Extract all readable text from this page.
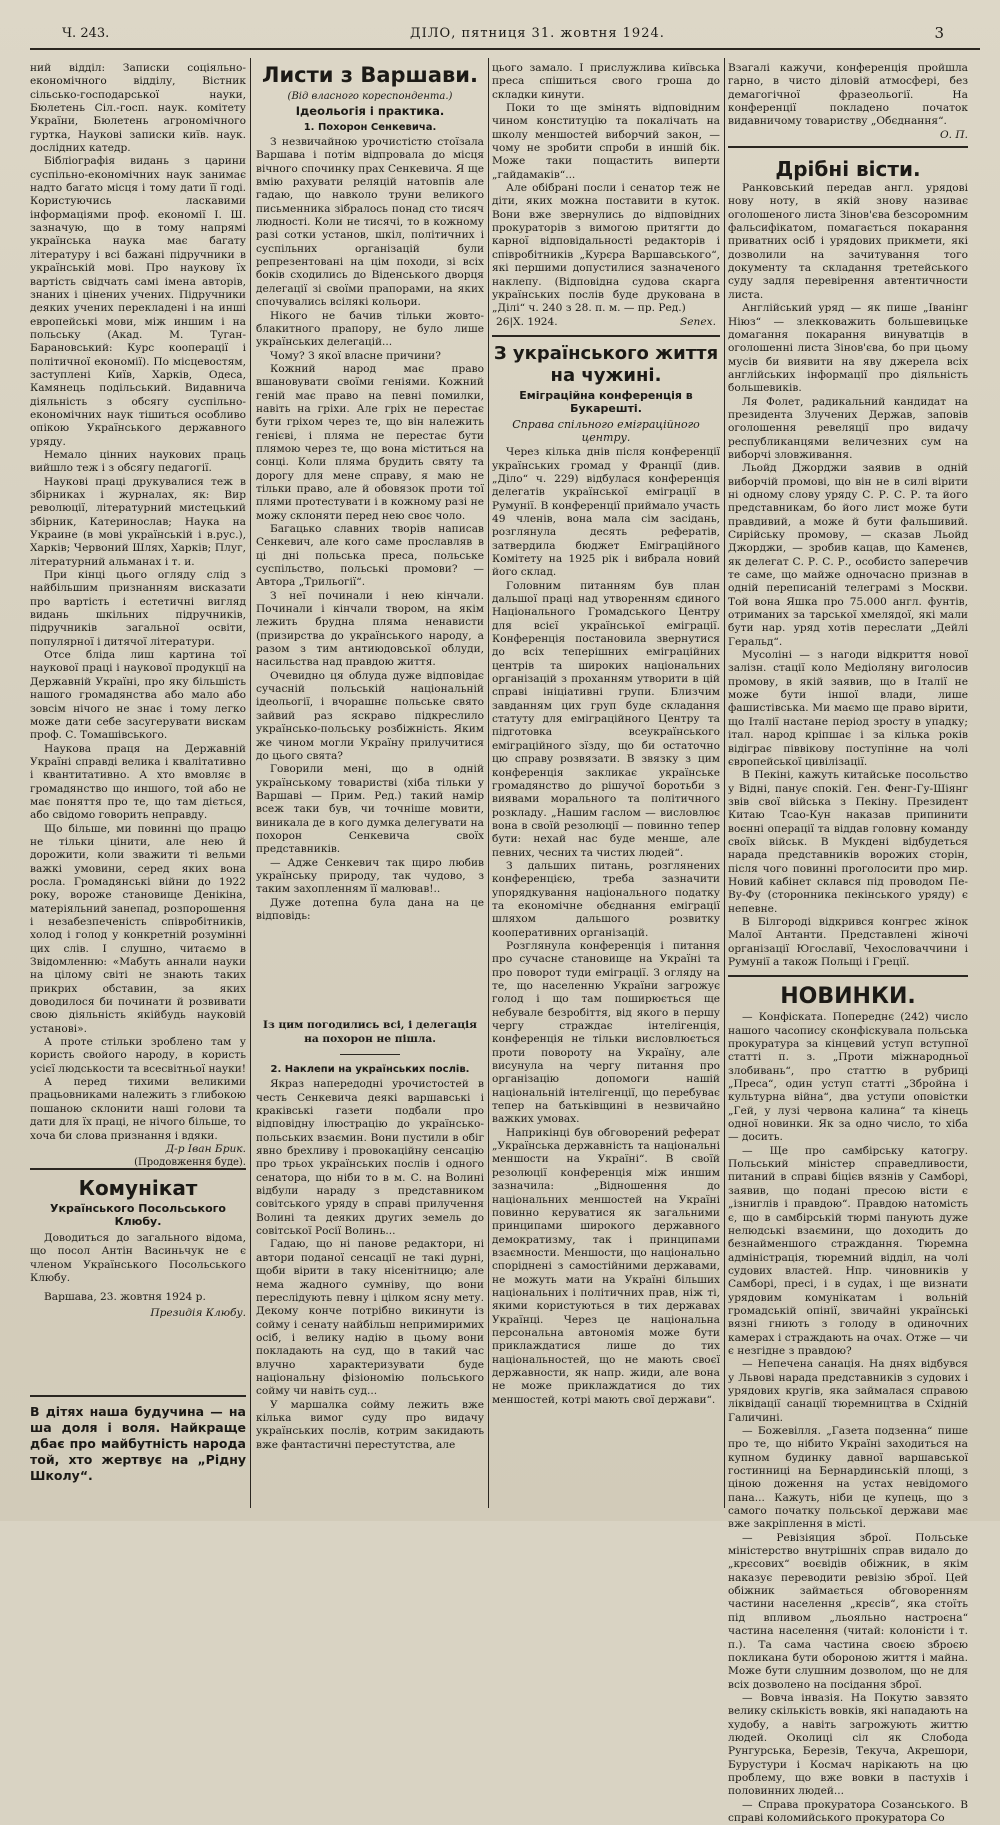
Ч. 243.	ДІЛО, пятниця 31. жовтня 1924.	3

ний відділ: Записки соціяльно-економічного відділу, Вістник сільсько-господарської науки, Бюлетень Сіл.-госп. наук. комітету України, Бюлетень агрономічного гуртка, Наукові записки київ. наук. дослідних катедр.

Бібліографія видань з царини суспільно-економічних наук занимає надто багато місця і тому дати її годі. Користуючись ласкавими інформаціями проф. економії І. Ш. зазначую, що в тому напрямі українська наука має багату літературу і всі бажані підручники в українській мові. Про наукову їх вартість свідчать самі імена авторів, знаних і цінених учених. Підручники деяких учених перекладені і на инші европейські мови, між иншим і на польську (Акад. М. Туган-Барановський: Курс кооперації і політичної економії). По місцевостям, заступлені Київ, Харків, Одеса, Камянець подільський. Видавнича діяльність з обсягу суспільно-економічних наук тішиться особливо опікою Українського державного уряду.

Немало цінних наукових праць вийшло теж і з обсягу педагогії.

Наукові праці друкувалися теж в збірниках і журналах, як: Вир революції, літературний мистецький збірник, Катеринослав; Наука на Украине (в мові українській і в.рус.), Харків; Червоний Шлях, Харків; Плуг, літературний альманах і т. и.

При кінці цього огляду слід з найбільшим признанням висказати про вартість і естетичні вигляд видань шкільних підручників, підручників загальної освіти, популярної і дитячої літератури.

Отсе бліда лиш картина тої наукової праці і наукової продукції на Державній Україні, про яку більшість нашого громадянства або мало або зовсім нічого не знає і тому легко може дати себе засугерувати вискам проф. С. Томашівського.

Наукова праця на Державній Україні справді велика і квалітативно і квантитативно. А хто вмовляє в громадянство що иншого, той або не має поняття про те, що там діється, або свідомо говорить неправду.

Що більше, ми повинні що працю не тільки цінити, але нею й дорожити, коли зважити ті вельми важкі умовини, серед яких вона росла. Громадянські війни до 1922 року, вороже становище Денікіна, матеріяльний занепад, розпорошення і незабезпеченість співробітників, холод і голод у конкретній розумінні цих слів. І слушно, читаємо в Звідомленню: «Мабуть аннали науки на цілому світі не знають таких прикрих обставин, за яких доводилося би починати й розвивати свою діяльність якійбудь науковій установі».

А проте стільки зроблено там у користь свойого народу, в користь усієї людськости та всесвітньої науки!

А перед тихими великими працьовниками належить з глибокою пошаною склонити наші голови та дати для їх праці, не нічого більше, то хоча би слова признання і вдяки.

Д-р Іван Брик.

(Продовження буде).

Комунікат
Українського Посольського Клюбу.

Доводиться до загального відома, що посол Антін Васиньчук не є членом Українського Посольського Клюбу.

Варшава, 23. жовтня 1924 р.

Президія Клюбу.

В дітях наша будучина — на ша доля і воля. Найкраще дбає про майбутність народа той, хто жертвує на „Рідну Школу“.
Листи з Варшави.
(Від власного кореспондента.)
Ідеольогія і практика.
1. Похорон Сенкевича.

З незвичайною урочистістю стоїзала Варшава і потім відпровала до місця вічного спочинку прах Сенкевича. Я ще вмію рахувати реляцій натовпів але гадаю, що навколо труни великого письменника зібралось понад сто тисяч людності. Коли не тисячі, то в кожному разі сотки установ, шкіл, політичних і суспільних організацій були репрезентовані на цім походи, зі всіх боків сходились до Віденського дворця делегації зі своїми прапорами, на яких спочувались всілякі кольори.

Нікого не бачив тільки жовто-блакитного прапору, не було лише українських делегацій...

Чому? З якої власне причини?

Кожний народ має право вшановувати своїми геніями. Кожний геній має право на певні помилки, навіть на гріхи. Але гріх не перестає бути гріхом через те, що він належить генієві, і пляма не перестає бути плямою через те, що вона міститься на сонці. Коли пляма брудить святу та дорогу для мене справу, я маю не тільки право, але й обовязок проти тої плями протестувати і в кожному разі не можу склоняти перед нею своє чоло.

Багацько славних творів написав Сенкевич, але кого саме прославляв в ці дні польська преса, польське суспільство, польські промови? — Автора „Трильогії“.

З неї починали і нею кінчали. Починали і кінчали твором, на якім лежить брудна пляма ненависти (призирства до українського народу, а разом з тим антиюдовської облуди, насильства над правдою життя.

Очевидно ця облуда дуже відповідає сучасній польській національній ідеольогії, і вчорашнє польське свято зайвий раз яскраво підкреслило українсько-польську розбіжність. Яким же чином могли Україну прилучитися до цього свята?

Говорили мені, що в одній українському товаристві (хіба тільки у Варшаві — Прим. Ред.) такий намір всеж таки був, чи точніше мовити, виникала де в кого думка делегувати на похорон Сенкевича своїх представників.

— Адже Сенкевич так щиро любив українську природу, так чудово, з таким захопленням її малював!..

Дуже дотепна була дана на це відповідь:

Із цим погодились всі, і делегація на похорон не пішла.

2. Наклепи на українських послів.

Якраз напередодні урочистостей в честь Сенкевича деякі варшавські і краківські газети подбали про відповідну ілюстрацію до українсько-польських взаємин. Вони пустили в обіг явно брехливу і провокаційну сенсацію про трьох українських послів і одного сенатора, що ніби то в м. С. на Волині відбули нараду з представником совітського уряду в справі прилучення Волині та деяких других земель до совітської Росії Волинь...

Гадаю, що ні панове редактори, ні автори поданої сенсації не такі дурні, щоби вірити в таку нісенітницю; але нема жадного сумніву, що вони переслідують певну і цілком ясну мету. Декому конче потрібно викинути із сойму і сенату найбільш непримиримих осіб, і велику надію в цьому вони покладають на суд, що в такий час влучно характеризувати буде національну фізіономію польського сойму чи навіть суд...

У маршалка сойму лежить вже кілька вимог суду про видачу українських послів, котрим закидають вже фантастичні перестутства, але

цього замало. І прислужлива київська преса спішиться свого гроша до складки кинути.

Поки то ще змінять відповідним чином конституцію та покалічать на школу меншостей виборчий закон, — чому не зробити спроби в иншій бік. Може таки пощастить виперти „гайдамаків“...

Але обібрані посли і сенатор теж не діти, яких можна поставити в куток. Вони вже звернулись до відповідних прокураторів з вимогою притягти до карної відповідальності редакторів і співробітників „Курєра Варшавського“, які першими допустилися зазначеного наклепу. (Відповідна судова скарга українських послів буде друкована в „Ділі“ ч. 240 з 28. п. м. — пр. Ред.)

26|X. 1924.	Senex.
З українського життя на чужині.
Еміграційна конференція в Букарешті.
Справа спільного еміграційного центру.

Через кілька днів після конференції українських громад у Франції (див. „Діло“ ч. 229) відбулася конференція делегатів української еміграції в Румунії. В конференції приймало участь 49 членів, вона мала сім засідань, розглянула десять рефератів, затвердила бюджет Еміграційного Комітету на 1925 рік і вибрала новий його склад.

Головним питанням був план дальшої праці над утворенням єдиного Національного Громадського Центру для всієї української еміграції. Конференція постановила звернутися до всіх теперішних еміграційних центрів та широких національних організацій з проханням утворити в цій справі ініціативні групи. Близчим завданням цих груп буде складання статуту для еміграційного Центру та підготовка всеукраїнського еміграційного зїзду, що би остаточно цю справу розвязати. В звязку з цим конференція закликає українське громадянство до рішучої боротьби з виявами морального та політичного розкладу. „Нашим гаслом — висловлює вона в своїй резолюції — повинно тепер бути: нехай нас буде менше, але певних, чесних та чистих людей“.

З дальших питань, розглянених конференцією, треба зазначити упорядкування національного податку та економічне обєднання еміграції шляхом дальшого розвитку кооперативних організацій.

Розглянула конференція і питання про сучасне становище на Україні та про поворот туди еміграції. З огляду на те, що населенню України загрожує голод і що там поширюється ще небувале безробіття, від якого в першу чергу страждає інтелігенція, конференція не тільки висловлюється проти повороту на Україну, але висунула на чергу питання про організацію допомоги нашій національній інтелігенції, що перебуває тепер на батьківщині в незвичайно важких умовах.

Наприкінці був обговорений реферат „Українська державність та національні меншости на Україні“. В своїй резолюції конференція між иншим зазначила: „Відношення до національних меншостей на Україні повинно керуватися як загальними принципами широкого державного демократизму, так і принципами взаємности. Меншости, що національно споріднені з самостійними державами, не можуть мати на Україні більших національних і політичних прав, ніж ті, якими користуються в тих державах Українці. Через це національна персональна автономія може бути приклаждатися лише до тих національностей, що не мають своєї державности, як напр. жиди, але вона не може приклаждатися до тих меншостей, котрі мають свої держави“.

Взагалі кажучи, конференція пройшла гарно, в чисто діловій атмосфері, без демагогічної фразеольогії. На конференції покладено початок видавничому товариству „Обєднання“.

О. П.

Дрібні вісти.

Ранковський передав англ. урядові нову ноту, в якій знову називає оголошеного листа Зінов'єва безсоромним фальсифікатом, помагається покарання приватних осіб і урядових прикмети, які дозволили на зачитування того документу та складання третейського суду задля перевірення автентичности листа.

Англійський уряд — як пише „Іванінг Ніюз“ — злекковажить большевицьке домагання покарання винуватців в оголошенні листа Зінов'єва, бо при цьому мусів би виявити на яву джерела всіх англійських інформації про діяльність большевиків.

Ля Фолет, радикальний кандидат на президента Злучених Держав, заповів оголошення ревеляції про видачу республиканцями величезних сум на виборчі зловживання.

Льойд Джорджи заявив в одній виборчій промові, що він не в силі вірити ні одному слову уряду С. Р. С. Р. та його представникам, бо його лист може бути правдивий, а може й бути фальшивий. Сирійську промову, — сказав Льойд Джорджи, — зробив кацав, що Каменєв, як делегат С. Р. С. Р., особисто заперечив те саме, що майже одночасно признав в одній переписаній телеграмі з Москви. Той вона Яшка про 75.000 англ. фунтів, отриманих за тарської хмелядої, які мали бути нар. уряд хотів переслати „Дейлі Геральд“.

Мусоліні — з нагоди відкриття нової залізн. стації коло Медіоляну виголосив промову, в якій заявив, що в Італії не може бути іншої влади, лише фашистівська. Ми маємо ще право вірити, що Італії настане період зросту в упадку; італ. народ кріпшає і за кілька років відіграє піввікову поступінне на чолі європейської цивілізації.

В Пекіні, кажуть китайське посольство у Відні, панує спокій. Ген. Фенг-Гу-Шіянг звів свої війська з Пекіну. Президент Китаю Тсао-Кун наказав припинити воєнні операції та віддав головну команду своїх військ. В Мукдені відбудеться нарада представників ворожих сторін, після чого повинні проголосити про мир. Новий кабінет склався під проводом Пе-Ву-Фу (сторонника пекінського уряду) є непевне.

В Білгороді відкрився конгрес жінок Малої Антанти. Представлені жіночі організації Югославії, Чехословаччини і Румунії а також Польщі і Греції.

НОВИНКИ.

— Конфіската. Попереднє (242) число нашого часопису сконфіскувала польська прокуратура за кінцевий уступ вступної статті п. з. „Проти міжнародньої злобивань“, про статтю в рубриці „Преса“, один уступ статті „Збройна і культурна війна“, два уступи оповістки „Гей, у лузі червона калина“ та кінець одної новинки. Як за одно число, то хіба — досить.

— Ще про самбірську катогру. Польський міністер справедливости, питаний в справі біцієв вязнів у Самборі, заявив, що подані пресою вісти є „ізниглів і правдою“. Правдою натомість є, що в самбірській тюрмі панують дуже нелюдські взаємини, що доходить до безнайменшого страждання. Тюремна адміністрація, тюремний відділ, на чолі судових властей. Нпр. чиновників у Самборі, пресі, і в судах, і ще визнати урядовим комунікатам і вольній громадській опінії, звичайні українські вязні гниють з голоду в одиночних камерах і страждають на очах. Отже — чи є незгідне з правдою?

— Непечена санація. На днях відбувся у Львові нарада представників з судових і урядових кругів, яка займалася справою ліквідації санації тюремництва в Східній Галичині.

— Божевілля. „Газета подзенна“ пише про те, що нібито Україні заходиться на купном будинку давної варшавської гостинниці на Бернардинській площі, з ціною доження на устах невідомого пана... Кажуть, ніби це купець, що з самого початку польської держави має вже закріплення в місті.

— Ревізіяция зброї. Польське міністерство внутрішніх справ видало до „крєсових“ воєвідів обіжник, в якім наказує переводити ревізію зброї. Цей обіжник займається обговоренням частини населення „крєсів“, яка стоїть під впливом „льояльно настроєна“ частина населення (читай: колоністи і т. п.). Та сама частина своєю зброєю покликана бути обороною життя і майна. Може бути слушним дозволом, що не для всіх дозволено на посідання зброї.

— Вовча інвазія. На Покутю завзято велику скількість вовків, які нападають на худобу, а навіть загрожують життю людей. Околиці сіл як Слобода Рунгурська, Березів, Текуча, Акрешори, Бурустури і Космач нарікають на цю проблему, що вже вовки в пастухів і половинних людей...

— Справа прокуратора Созанського. В справі коломийського прокуратора Со
